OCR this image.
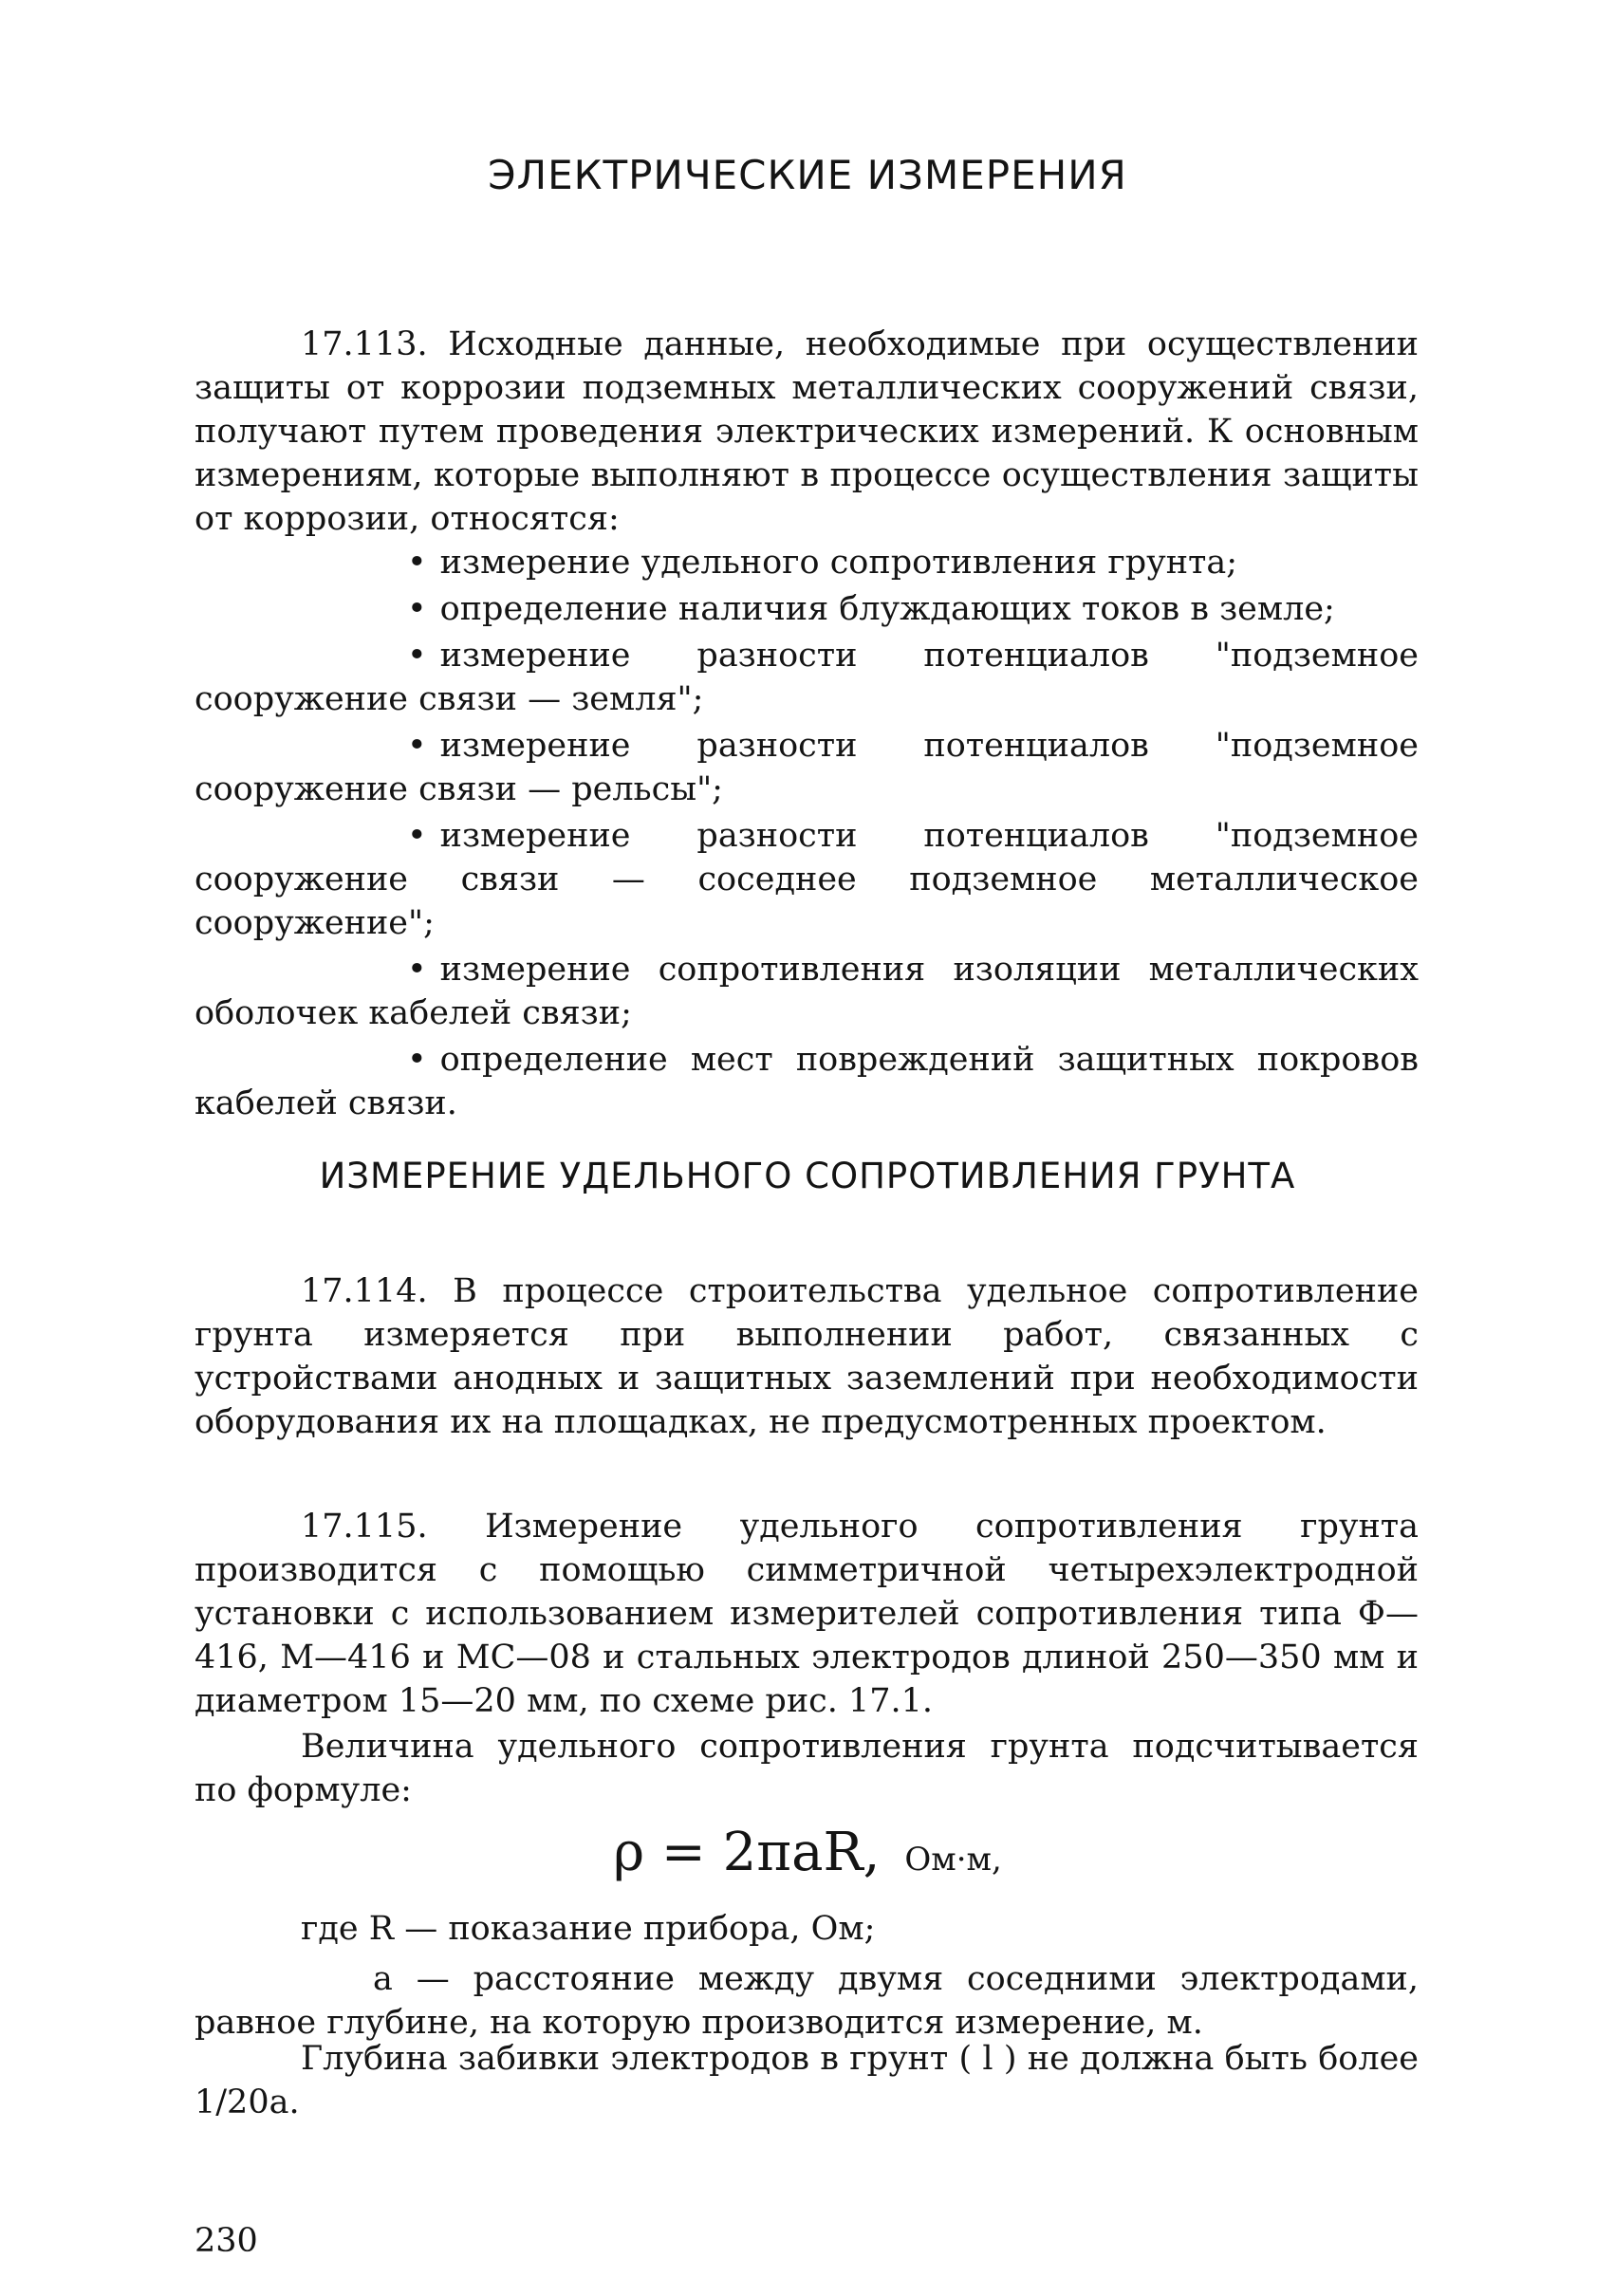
ЭЛЕКТРИЧЕСКИЕ ИЗМЕРЕНИЯ

17.113. Исходные данные, необходимые при осуществлении защиты от коррозии подземных металлических сооружений связи, получают путем проведения электрических измерений. К основным измерениям, которые выполняют в процессе осуществления защиты от коррозии, относятся:

• измерение удельного сопротивления грунта;
• определение наличия блуждающих токов в земле;
• измерение разности потенциалов "подземное сооружение связи — земля";
• измерение разности потенциалов "подземное сооружение связи — рельсы";
• измерение разности потенциалов "подземное сооружение связи — соседнее подземное металлическое сооружение";
• измерение сопротивления изоляции металлических оболочек кабелей связи;
• определение мест повреждений защитных покровов кабелей связи.
ИЗМЕРЕНИЕ УДЕЛЬНОГО СОПРОТИВЛЕНИЯ ГРУНТА

17.114. В процессе строительства удельное сопротивление грунта измеряется при выполнении работ, связанных с устройствами анодных и защитных заземлений при необходимости оборудования их на площадках, не предусмотренных проектом.

17.115. Измерение удельного сопротивления грунта производится с помощью симметричной четырехэлектродной установки с использованием измерителей сопротивления типа Ф—416, М—416 и МС—08 и стальных электродов длиной 250—350 мм и диаметром 15—20 мм, по схеме рис. 17.1.

Величина удельного сопротивления грунта подсчитывается по формуле:

ρ = 2πaR, Ом·м,

где R — показание прибора, Ом;

а — расстояние между двумя соседними электродами, равное глубине, на которую производится измерение, м.

Глубина забивки электродов в грунт ( l ) не должна быть более 1/20а.

230
